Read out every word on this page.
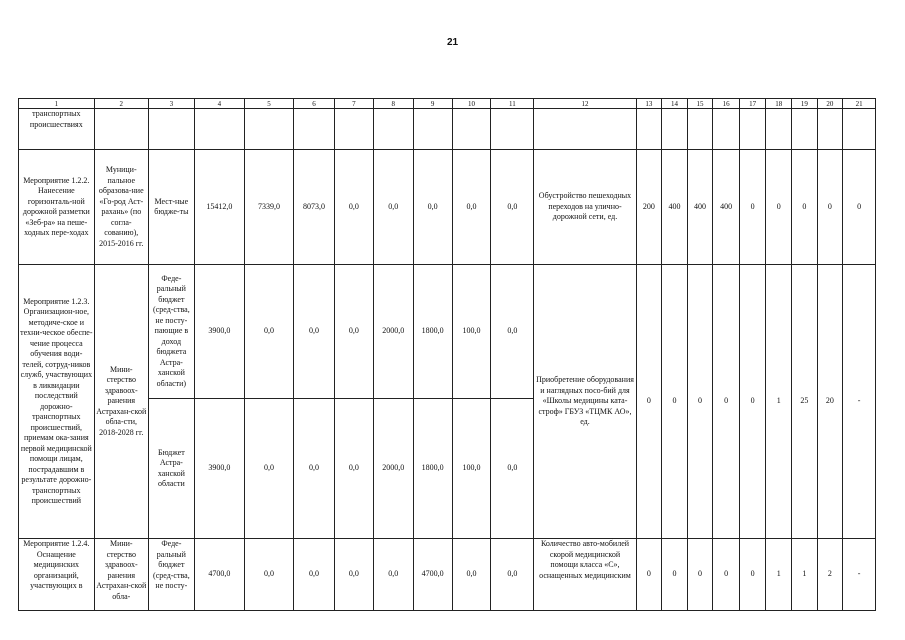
21
1	2	3	4	5	6	7	8	9	10	11	12	13	14	15	16	17	18	19	20	21
транспортных происшествиях																				
Мероприятие 1.2.2. Нанесение горизонталь-ной дорожной разметки «Зеб-ра» на пеше-ходных пере-ходах	Муници-пальное образова-ние «Го-род Аст-рахань» (по согла-сованию), 2015-2016 гг.	Мест-ные бюдже-ты	15412,0	7339,0	8073,0	0,0	0,0	0,0	0,0	0,0	Обустройство пешеходных переходов на улично-дорожной сети, ед.	200	400	400	400	0	0	0	0	0
Мероприятие 1.2.3. Организацион-ное, методиче-ское и техни-ческое обеспе-чение процесса обучения води-телей, сотруд-ников служб, участвующих в ликвидации последствий дорожно-транспортных происшествий, приемам ока-зания первой медицинской помощи лицам, пострадавшим в результате дорожно-транспортных происшествий	Мини-стерство здравоох-ранения Астрахан-ской обла-сти, 2018-2028 гг.	Феде-ральный бюджет (сред-ства, не посту-пающие в доход бюджета Астра-ханской области)	3900,0	0,0	0,0	0,0	2000,0	1800,0	100,0	0,0	Приобретение оборудования и наглядных посо-бий для «Школы медицины ката-строф» ГБУЗ «ТЦМК АО», ед.	0	0	0	0	0	1	25	20	-
		Бюджет Астра-ханской области	3900,0	0,0	0,0	0,0	2000,0	1800,0	100,0	0,0										
Мероприятие 1.2.4. Оснащение медицинских организаций, участвующих в	Мини-стерство здравоох-ранения Астрахан-ской обла-	Феде-ральный бюджет (сред-ства, не посту-	4700,0	0,0	0,0	0,0	0,0	4700,0	0,0	0,0	Количество авто-мобилей скорой медицинской помощи класса «С», оснащенных медицинским	0	0	0	0	0	1	1	2	-
